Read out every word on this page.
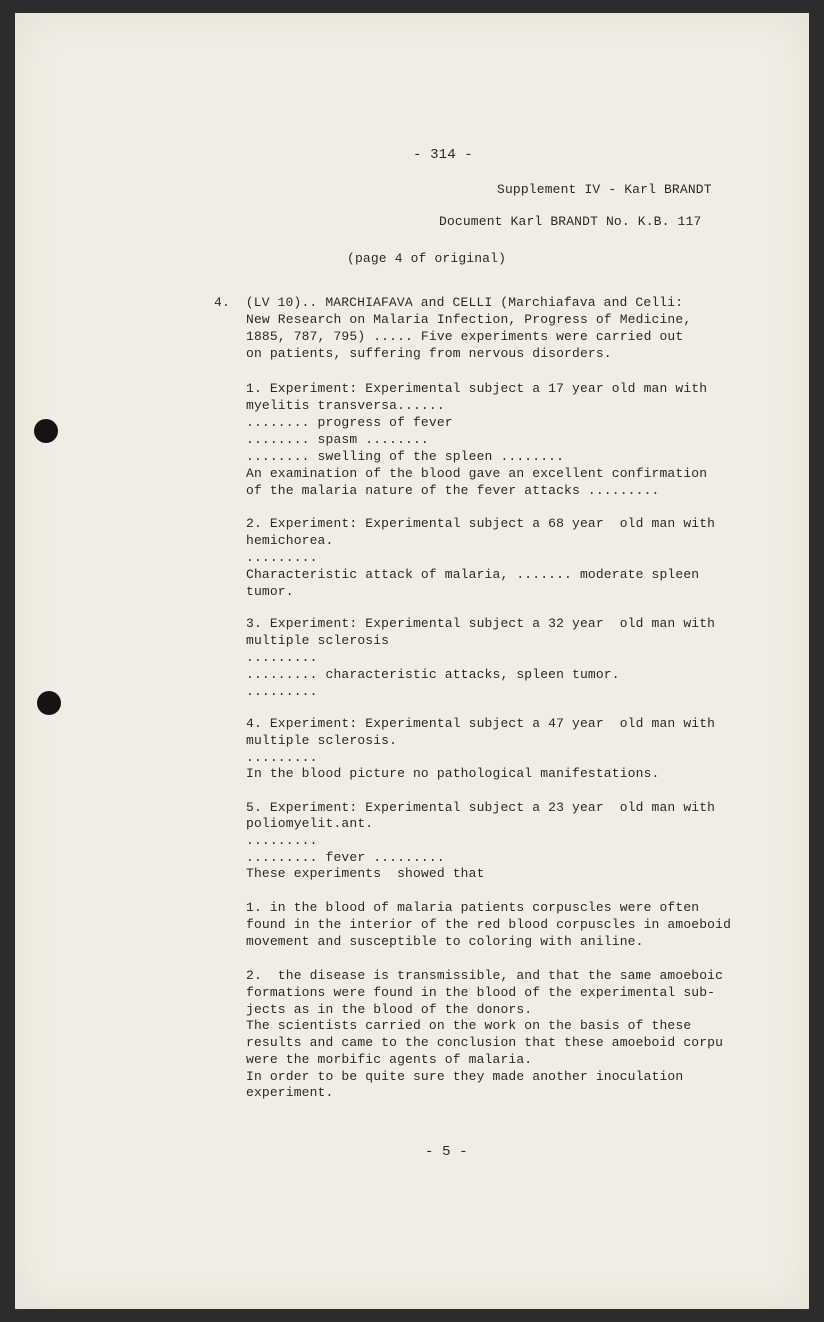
- 314 -
Supplement IV - Karl BRANDT
Document Karl BRANDT No. K.B. 117
(page 4 of original)
4.  (LV 10).. MARCHIAFAVA and CELLI (Marchiafava and Celli:
New Research on Malaria Infection, Progress of Medicine,
1885, 787, 795) ..... Five experiments were carried out
on patients, suffering from nervous disorders.
1. Experiment: Experimental subject a 17 year old man with
myelitis transversa......
........ progress of fever
........ spasm ........
........ swelling of the spleen ........
An examination of the blood gave an excellent confirmation
of the malaria nature of the fever attacks .........
2. Experiment: Experimental subject a 68 year  old man with
hemichorea.
.........
Characteristic attack of malaria, ....... moderate spleen
tumor.
3. Experiment: Experimental subject a 32 year  old man with
multiple sclerosis
.........
......... characteristic attacks, spleen tumor.
.........
4. Experiment: Experimental subject a 47 year  old man with
multiple sclerosis.
.........
In the blood picture no pathological manifestations.
5. Experiment: Experimental subject a 23 year  old man with
poliomyelit.ant.
.........
......... fever .........
These experiments  showed that
1. in the blood of malaria patients corpuscles were often
found in the interior of the red blood corpuscles in amoeboid
movement and susceptible to coloring with aniline.
2.  the disease is transmissible, and that the same amoeboic
formations were found in the blood of the experimental sub-
jects as in the blood of the donors.
The scientists carried on the work on the basis of these
results and came to the conclusion that these amoeboid corpu
were the morbific agents of malaria.
In order to be quite sure they made another inoculation
experiment.
- 5 -
